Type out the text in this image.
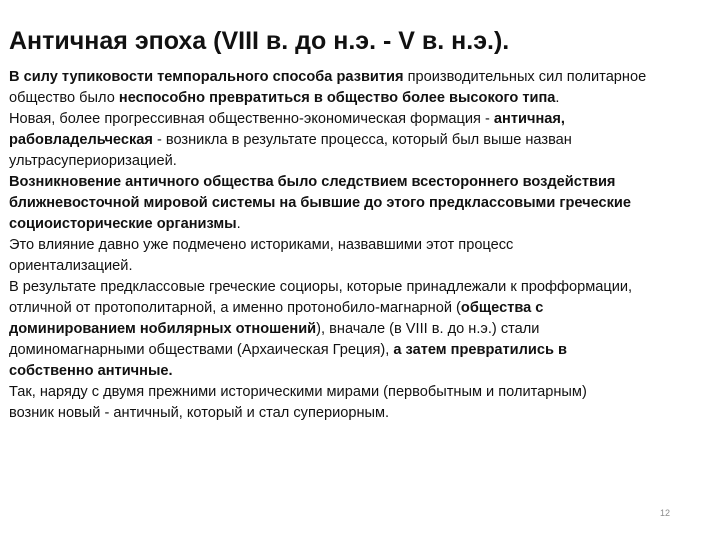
Античная эпоха (VIII в. до н.э. - V в. н.э.).
В силу тупиковости темпорального способа развития производительных сил политарное
общество было неспособно превратиться в общество более высокого типа.
Новая, более прогрессивная общественно-экономическая формация - античная,
рабовладельческая - возникла в результате процесса, который был выше назван
ультрасупериоризацией.
Возникновение античного общества было следствием всестороннего воздействия
ближневосточной мировой системы на бывшие до этого предклассовыми греческие
социоисторические организмы.
Это влияние давно уже подмечено историками, назвавшими этот процесс
ориентализацией.
В результате предклассовые греческие социоры, которые принадлежали к профформации,
отличной от протополитарной, а именно протонобило-магнарной (общества с
доминированием нобилярных отношений), вначале (в VIII в. до н.э.) стали
доминомагнарными обществами (Архаическая Греция), а затем превратились в
собственно античные.
Так, наряду с двумя прежними историческими мирами (первобытным и политарным)
возник новый - античный, который и стал супериорным.
12
